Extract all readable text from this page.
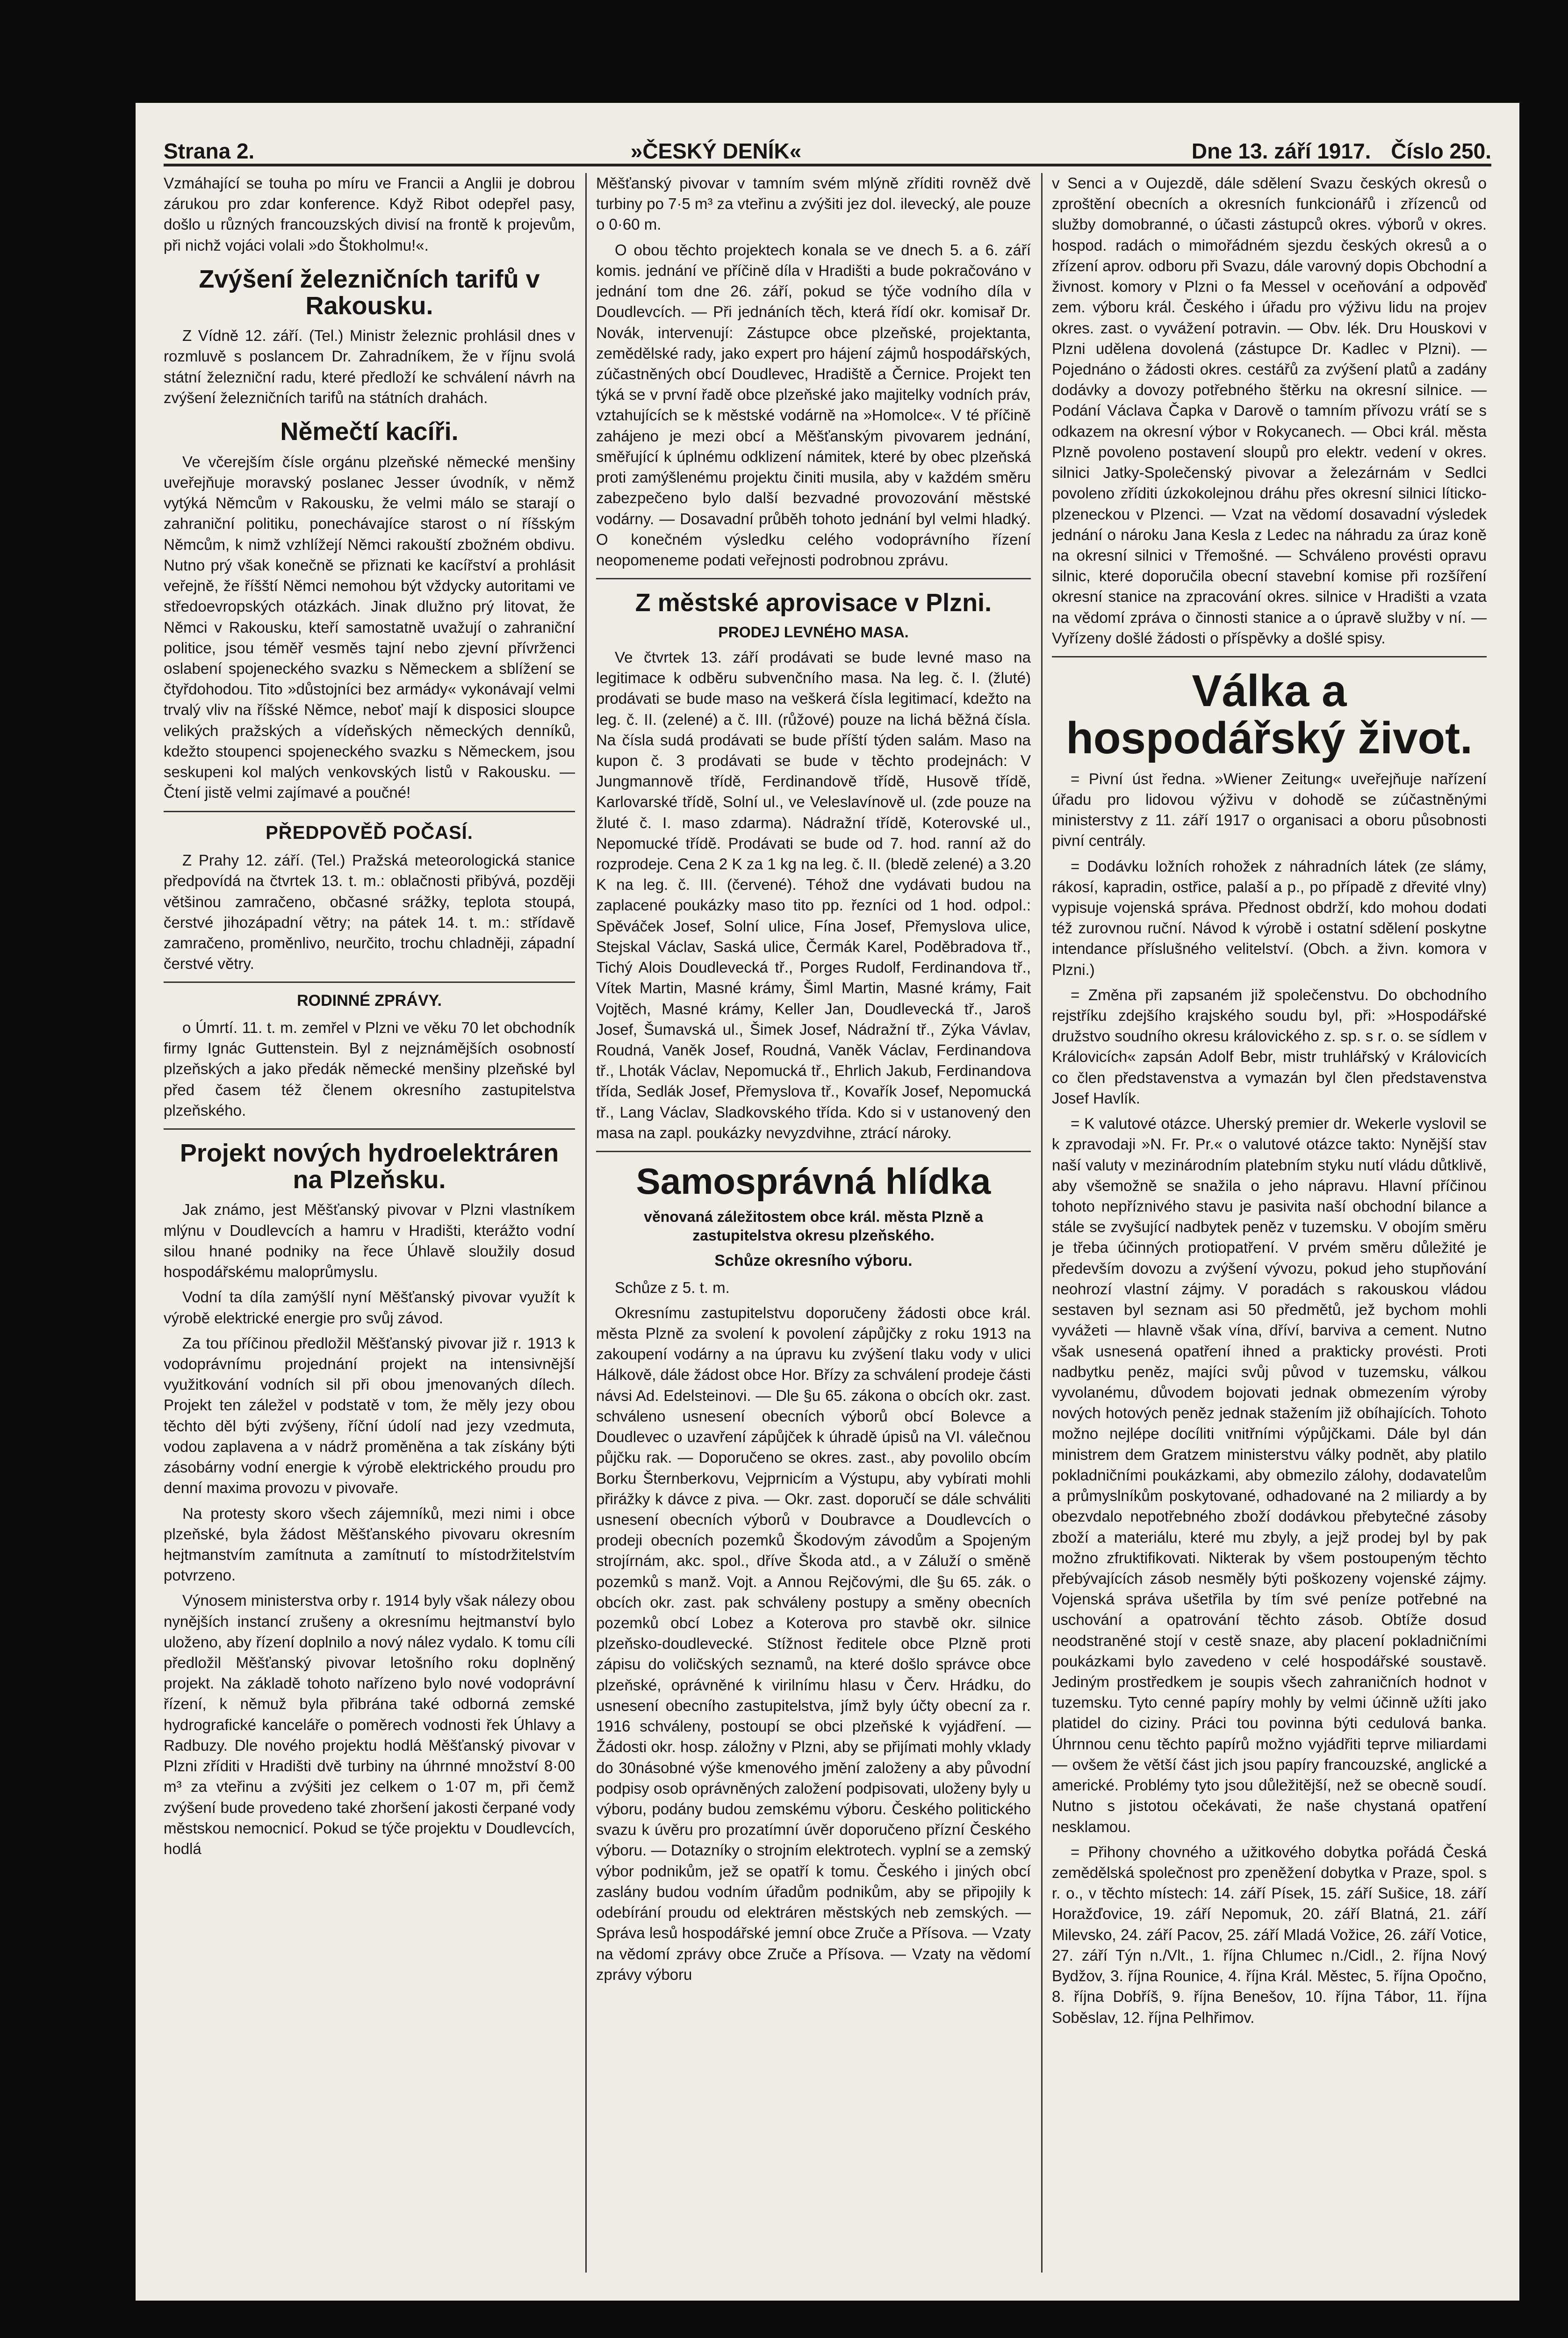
Strana 2.	»ČESKÝ DENÍK«	Dne 13. září 1917. Číslo 250.

Vzmáhající se touha po míru ve Francii a Anglii je dobrou zárukou pro zdar konference. Když Ribot odepřel pasy, došlo u různých francouzských divisí na frontě k projevům, při nichž vojáci volali »do Štokholmu!«.

Zvýšení železničních tarifů v Rakousku.

Z Vídně 12. září. (Tel.) Ministr železnic prohlásil dnes v rozmluvě s poslancem Dr. Zahradníkem, že v říjnu svolá státní železniční radu, které předloží ke schválení návrh na zvýšení železničních tarifů na státních drahách.

Němečtí kacíři.

Ve včerejším čísle orgánu plzeňské německé menšiny uveřejňuje moravský poslanec Jesser úvodník, v němž vytýká Němcům v Rakousku, že velmi málo se starají o zahraniční politiku, ponechávajíce starost o ní říšským Němcům, k nimž vzhlížejí Němci rakouští zbožném obdivu. Nutno prý však konečně se přiznati ke kacířství a prohlásit veřejně, že říšští Němci nemohou být vždycky autoritami ve středoevropských otázkách. Jinak dlužno prý litovat, že Němci v Rakousku, kteří samostatně uvažují o zahraniční politice, jsou téměř vesměs tajní nebo zjevní přívrženci oslabení spojeneckého svazku s Německem a sblížení se čtyřdohodou. Tito »důstojníci bez armády« vykonávají velmi trvalý vliv na říšské Němce, neboť mají k disposici sloupce velikých pražských a vídeňských německých denníků, kdežto stoupenci spojeneckého svazku s Německem, jsou seskupeni kol malých venkovských listů v Rakousku. — Čtení jistě velmi zajímavé a poučné!

PŘEDPOVĚĎ POČASÍ.

Z Prahy 12. září. (Tel.) Pražská meteorologická stanice předpovídá na čtvrtek 13. t. m.: oblačnosti přibývá, později většinou zamračeno, občasné srážky, teplota stoupá, čerstvé jihozápadní větry; na pátek 14. t. m.: střídavě zamračeno, proměnlivo, neurčito, trochu chladněji, západní čerstvé větry.

RODINNÉ ZPRÁVY.

o Úmrtí. 11. t. m. zemřel v Plzni ve věku 70 let obchodník firmy Ignác Guttenstein. Byl z nejznámějších osobností plzeňských a jako předák německé menšiny plzeňské byl před časem též členem okresního zastupitelstva plzeňského.

Projekt nových hydroelektráren na Plzeňsku.

Jak známo, jest Měšťanský pivovar v Plzni vlastníkem mlýnu v Doudlevcích a hamru v Hradišti, kterážto vodní silou hnané podniky na řece Úhlavě sloužily dosud hospodářskému maloprůmyslu.

Vodní ta díla zamýšlí nyní Měšťanský pivovar využít k výrobě elektrické energie pro svůj závod.

Za tou příčinou předložil Měšťanský pivovar již r. 1913 k vodoprávnímu projednání projekt na intensivnější využitkování vodních sil při obou jmenovaných dílech. Projekt ten záležel v podstatě v tom, že měly jezy obou těchto děl býti zvýšeny, říční údolí nad jezy vzedmuta, vodou zaplavena a v nádrž proměněna a tak získány býti zásobárny vodní energie k výrobě elektrického proudu pro denní maxima provozu v pivovaře.

Na protesty skoro všech zájemníků, mezi nimi i obce plzeňské, byla žádost Měšťanského pivovaru okresním hejtmanstvím zamítnuta a zamítnutí to místodržitelstvím potvrzeno.

Výnosem ministerstva orby r. 1914 byly však nálezy obou nynějších instancí zrušeny a okresnímu hejtmanství bylo uloženo, aby řízení doplnilo a nový nález vydalo. K tomu cíli předložil Měšťanský pivovar letošního roku doplněný projekt. Na základě tohoto nařízeno bylo nové vodoprávní řízení, k němuž byla přibrána také odborná zemské hydrografické kanceláře o poměrech vodnosti řek Úhlavy a Radbuzy. Dle nového projektu hodlá Měšťanský pivovar v Plzni zříditi v Hradišti dvě turbiny na úhrnné množství 8·00 m³ za vteřinu a zvýšiti jez celkem o 1·07 m, při čemž zvýšení bude provedeno také zhoršení jakosti čerpané vody městskou nemocnicí. Pokud se týče projektu v Doudlevcích, hodlá

Měšťanský pivovar v tamním svém mlýně zříditi rovněž dvě turbiny po 7·5 m³ za vteřinu a zvýšiti jez dol. ilevecký, ale pouze o 0·60 m.

O obou těchto projektech konala se ve dnech 5. a 6. září komis. jednání ve příčině díla v Hradišti a bude pokračováno v jednání tom dne 26. září, pokud se týče vodního díla v Doudlevcích. — Při jednáních těch, která řídí okr. komisař Dr. Novák, intervenují: Zástupce obce plzeňské, projektanta, zemědělské rady, jako expert pro hájení zájmů hospodářských, zúčastněných obcí Doudlevec, Hradiště a Černice. Projekt ten týká se v první řadě obce plzeňské jako majitelky vodních práv, vztahujících se k městské vodárně na »Homolce«. V té příčině zahájeno je mezi obcí a Měšťanským pivovarem jednání, směřující k úplnému odklizení námitek, které by obec plzeňská proti zamýšlenému projektu činiti musila, aby v každém směru zabezpečeno bylo další bezvadné provozování městské vodárny. — Dosavadní průběh tohoto jednání byl velmi hladký. O konečném výsledku celého vodoprávního řízení neopomeneme podati veřejnosti podrobnou zprávu.

Z městské aprovisace v Plzni.
PRODEJ LEVNÉHO MASA.

Ve čtvrtek 13. září prodávati se bude levné maso na legitimace k odběru subvenčního masa. Na leg. č. I. (žluté) prodávati se bude maso na veškerá čísla legitimací, kdežto na leg. č. II. (zelené) a č. III. (růžové) pouze na lichá běžná čísla. Na čísla sudá prodávati se bude příští týden salám. Maso na kupon č. 3 prodávati se bude v těchto prodejnách: V Jungmannově třídě, Ferdinandově třídě, Husově třídě, Karlovarské třídě, Solní ul., ve Veleslavínově ul. (zde pouze na žluté č. I. maso zdarma). Nádražní třídě, Koterovské ul., Nepomucké třídě. Prodávati se bude od 7. hod. ranní až do rozprodeje. Cena 2 K za 1 kg na leg. č. II. (bledě zelené) a 3.20 K na leg. č. III. (červené). Téhož dne vydávati budou na zaplacené poukázky maso tito pp. řezníci od 1 hod. odpol.: Spěváček Josef, Solní ulice, Fína Josef, Přemyslova ulice, Stejskal Václav, Saská ulice, Čermák Karel, Poděbradova tř., Tichý Alois Doudlevecká tř., Porges Rudolf, Ferdinandova tř., Vítek Martin, Masné krámy, Šiml Martin, Masné krámy, Fait Vojtěch, Masné krámy, Keller Jan, Doudlevecká tř., Jaroš Josef, Šumavská ul., Šimek Josef, Nádražní tř., Zýka Vávlav, Roudná, Vaněk Josef, Roudná, Vaněk Václav, Ferdinandova tř., Lhoták Václav, Nepomucká tř., Ehrlich Jakub, Ferdinandova třída, Sedlák Josef, Přemyslova tř., Kovařík Josef, Nepomucká tř., Lang Václav, Sladkovského třída. Kdo si v ustanovený den masa na zapl. poukázky nevyzdvihne, ztrácí nároky.

Samosprávná hlídka
věnovaná záležitostem obce král. města Plzně a zastupitelstva okresu plzeňského.
Schůze okresního výboru.

Schůze z 5. t. m.

Okresnímu zastupitelstvu doporučeny žádosti obce král. města Plzně za svolení k povolení zápůjčky z roku 1913 na zakoupení vodárny a na úpravu ku zvýšení tlaku vody v ulici Hálkově, dále žádost obce Hor. Břízy za schválení prodeje části návsi Ad. Edelsteinovi. — Dle §u 65. zákona o obcích okr. zast. schváleno usnesení obecních výborů obcí Bolevce a Doudlevec o uzavření zápůjček k úhradě úpisů na VI. válečnou půjčku rak. — Doporučeno se okres. zast., aby povolilo obcím Borku Šternberkovu, Vejprnicím a Výstupu, aby vybírati mohli přirážky k dávce z piva. — Okr. zast. doporučí se dále schváliti usnesení obecních výborů v Doubravce a Doudlevcích o prodeji obecních pozemků Škodovým závodům a Spojeným strojírnám, akc. spol., dříve Škoda atd., a v Záluží o směně pozemků s manž. Vojt. a Annou Rejčovými, dle §u 65. zák. o obcích okr. zast. pak schváleny postupy a směny obecních pozemků obcí Lobez a Koterova pro stavbě okr. silnice plzeňsko-doudlevecké. Stížnost ředitele obce Plzně proti zápisu do voličských seznamů, na které došlo správce obce plzeňské, oprávněné k virilnímu hlasu v Červ. Hrádku, do usnesení obecního zastupitelstva, jímž byly účty obecní za r. 1916 schváleny, postoupí se obci plzeňské k vyjádření. — Žádosti okr. hosp. záložny v Plzni, aby se přijímati mohly vklady do 30násobné výše kmenového jmění založeny a aby původní podpisy osob oprávněných založení podpisovati, uloženy byly u výboru, podány budou zemskému výboru. Českého politického svazu k úvěru pro prozatímní úvěr doporučeno přízní Českého výboru. — Dotazníky o strojním elektrotech. vyplní se a zemský výbor podnikům, jež se opatří k tomu. Českého i jiných obcí zaslány budou vodním úřadům podnikům, aby se připojily k odebírání proudu od elektráren městských neb zemských. — Správa lesů hospodářské jemní obce Zruče a Přísova. — Vzaty na vědomí zprávy obce Zruče a Přísova. — Vzaty na vědomí zprávy výboru

v Senci a v Oujezdě, dále sdělení Svazu českých okresů o zproštění obecních a okresních funkcionářů i zřízenců od služby domobranné, o účasti zástupců okres. výborů v okres. hospod. radách o mimořádném sjezdu českých okresů a o zřízení aprov. odboru při Svazu, dále varovný dopis Obchodní a živnost. komory v Plzni o fa Messel v oceňování a odpověď zem. výboru král. Českého i úřadu pro výživu lidu na projev okres. zast. o vyvážení potravin. — Obv. lék. Dru Houskovi v Plzni udělena dovolená (zástupce Dr. Kadlec v Plzni). — Pojednáno o žádosti okres. cestářů za zvýšení platů a zadány dodávky a dovozy potřebného štěrku na okresní silnice. — Podání Václava Čapka v Darově o tamním přívozu vrátí se s odkazem na okresní výbor v Rokycanech. — Obci král. města Plzně povoleno postavení sloupů pro elektr. vedení v okres. silnici Jatky-Společenský pivovar a železárnám v Sedlci povoleno zříditi úzkokolejnou dráhu přes okresní silnici líticko-plzeneckou v Plzenci. — Vzat na vědomí dosavadní výsledek jednání o nároku Jana Kesla z Ledec na náhradu za úraz koně na okresní silnici v Třemošné. — Schváleno provésti opravu silnic, které doporučila obecní stavební komise při rozšíření okresní stanice na zpracování okres. silnice v Hradišti a vzata na vědomí zpráva o činnosti stanice a o úpravě služby v ní. — Vyřízeny došlé žádosti o příspěvky a došlé spisy.

Válka a hospodářský život.

= Pivní úst ředna. »Wiener Zeitung« uveřejňuje nařízení úřadu pro lidovou výživu v dohodě se zúčastněnými ministerstvy z 11. září 1917 o organisaci a oboru působnosti pivní centrály.

= Dodávku ložních rohožek z náhradních látek (ze slámy, rákosí, kapradin, ostřice, palaší a p., po případě z dřevité vlny) vypisuje vojenská správa. Přednost obdrží, kdo mohou dodati též zurovnou ruční. Návod k výrobě i ostatní sdělení poskytne intendance příslušného velitelství. (Obch. a živn. komora v Plzni.)

= Změna při zapsaném již společenstvu. Do obchodního rejstříku zdejšího krajského soudu byl, při: »Hospodářské družstvo soudního okresu královického z. sp. s r. o. se sídlem v Královicích« zapsán Adolf Bebr, mistr truhlářský v Královicích co člen představenstva a vymazán byl člen představenstva Josef Havlík.

= K valutové otázce. Uherský premier dr. Wekerle vyslovil se k zpravodaji »N. Fr. Pr.« o valutové otázce takto: Nynější stav naší valuty v mezinárodním platebním styku nutí vládu důtklivě, aby všemožně se snažila o jeho nápravu. Hlavní příčinou tohoto nepříznivého stavu je pasivita naší obchodní bilance a stále se zvyšující nadbytek peněz v tuzemsku. V obojím směru je třeba účinných protiopatření. V prvém směru důležité je především dovozu a zvýšení vývozu, pokud jeho stupňování neohrozí vlastní zájmy. V poradách s rakouskou vládou sestaven byl seznam asi 50 předmětů, jež bychom mohli vyvážeti — hlavně však vína, dříví, barviva a cement. Nutno však usnesená opatření ihned a prakticky provésti. Proti nadbytku peněz, majíci svůj původ v tuzemsku, válkou vyvolanému, důvodem bojovati jednak obmezením výroby nových hotových peněz jednak stažením již obíhajících. Tohoto možno nejlépe docíliti vnitřními výpůjčkami. Dále byl dán ministrem dem Gratzem ministerstvu války podnět, aby platilo pokladničními poukázkami, aby obmezilo zálohy, dodavatelům a průmyslníkům poskytované, odhadované na 2 miliardy a by obezvdalo nepotřebného zboží dodávkou přebytečné zásoby zboží a materiálu, které mu zbyly, a jejž prodej byl by pak možno zfruktifikovati. Nikterak by všem postoupeným těchto přebývajících zásob nesměly býti poškozeny vojenské zájmy. Vojenská správa ušetřila by tím své peníze potřebné na uschování a opatrování těchto zásob. Obtíže dosud neodstraněné stojí v cestě snaze, aby placení pokladničními poukázkami bylo zavedeno v celé hospodářské soustavě. Jediným prostředkem je soupis všech zahraničních hodnot v tuzemsku. Tyto cenné papíry mohly by velmi účinně užíti jako platidel do ciziny. Práci tou povinna býti cedulová banka. Úhrnnou cenu těchto papírů možno vyjádřiti teprve miliardami — ovšem že větší část jich jsou papíry francouzské, anglické a americké. Problémy tyto jsou důležitější, než se obecně soudí. Nutno s jistotou očekávati, že naše chystaná opatření nesklamou.

= Přihony chovného a užitkového dobytka pořádá Česká zemědělská společnost pro zpeněžení dobytka v Praze, spol. s r. o., v těchto místech: 14. září Písek, 15. září Sušice, 18. září Horažďovice, 19. září Nepomuk, 20. září Blatná, 21. září Milevsko, 24. září Pacov, 25. září Mladá Vožice, 26. září Votice, 27. září Týn n./Vlt., 1. října Chlumec n./Cidl., 2. října Nový Bydžov, 3. října Rounice, 4. října Král. Městec, 5. října Opočno, 8. října Dobříš, 9. října Benešov, 10. října Tábor, 11. října Soběslav, 12. října Pelhřimov.
